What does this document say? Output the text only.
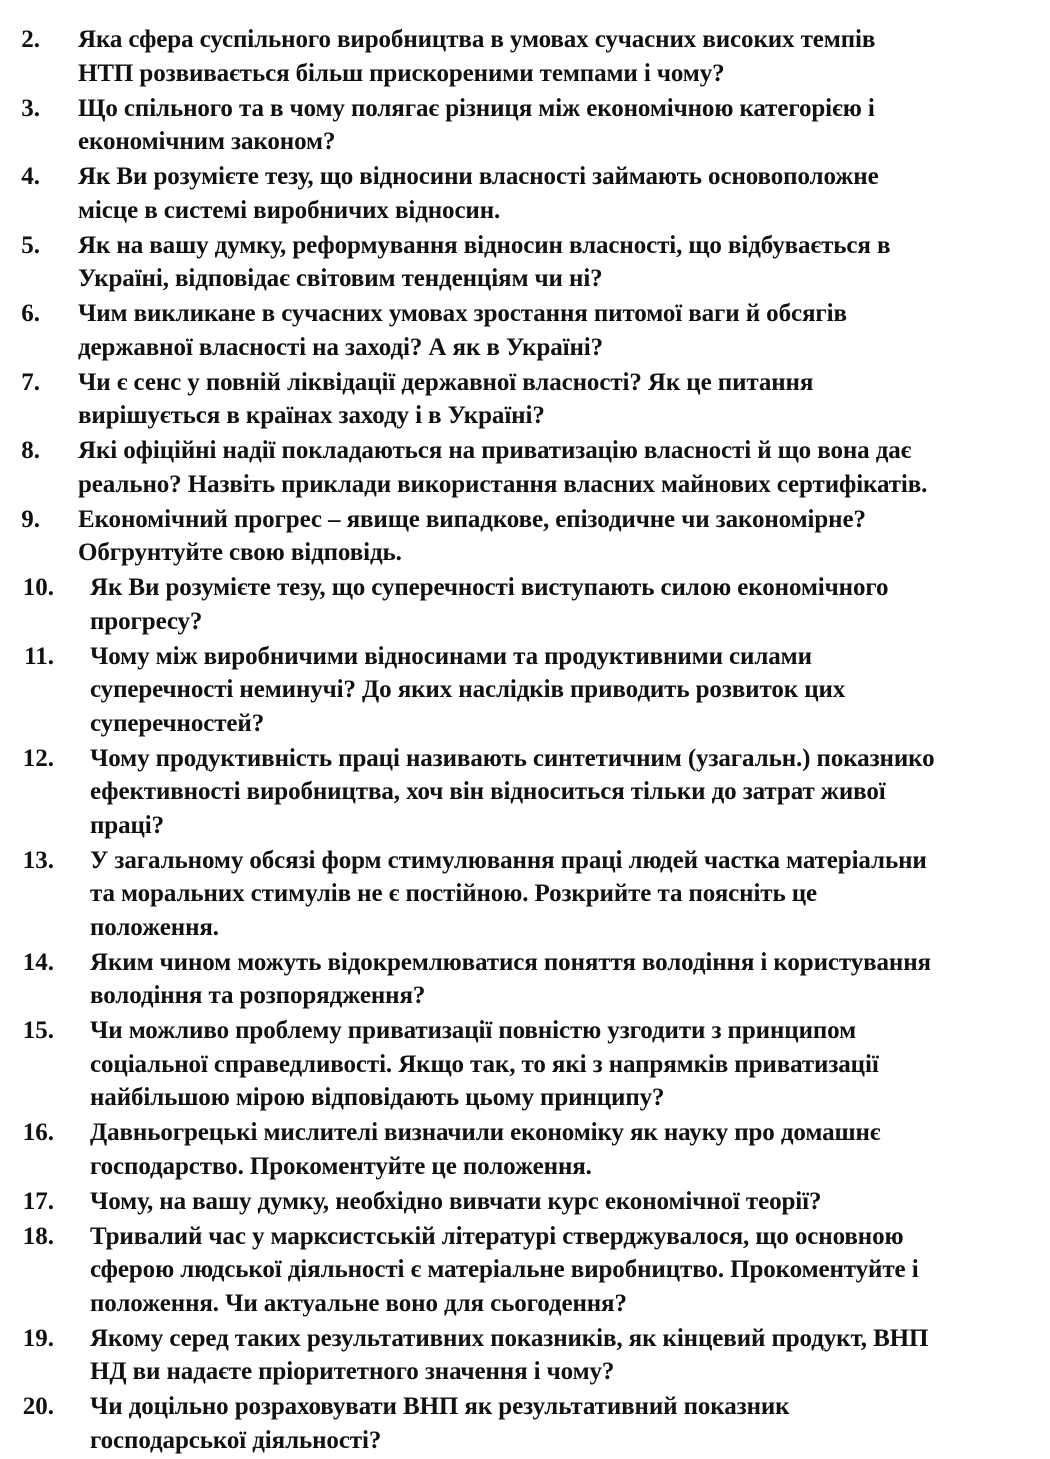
2. Яка сфера суспільного виробництва в умовах сучасних високих темпів
НТП розвивається більш прискореними темпами і чому?
3. Що спільного та в чому полягає різниця між економічною категорією і
економічним законом?
4. Як Ви розумієте тезу, що відносини власності займають основоположне
місце в системі виробничих відносин.
5. Як на вашу думку, реформування відносин власності, що відбувається в
Україні, відповідає світовим тенденціям чи ні?
6. Чим викликане в сучасних умовах зростання питомої ваги й обсягів
державної власності на заході? А як в Україні?
7. Чи є сенс у повній ліквідації державної власності? Як це питання
вирішується в країнах заходу і в Україні?
8. Які офіційні надії покладаються на приватизацію власності й що вона дає
реально? Назвіть приклади використання власних майнових сертифікатів.
9. Економічний прогрес – явище випадкове, епізодичне чи закономірне?
Обгрунтуйте свою відповідь.
10. Як Ви розумієте тезу, що суперечності виступають силою економічного
прогресу?
11. Чому між виробничими відносинами та продуктивними силами
суперечності неминучі? До яких наслідків приводить розвиток цих
суперечностей?
12. Чому продуктивність праці називають синтетичним (узагальн.) показнико
ефективності виробництва, хоч він відноситься тільки до затрат живої
праці?
13. У загальному обсязі форм стимулювання праці людей частка матеріальни
та моральних стимулів не є постійною. Розкрийте та поясніть це
положення.
14. Яким чином можуть відокремлюватися поняття володіння і користування
володіння та розпорядження?
15. Чи можливо проблему приватизації повністю узгодити з принципом
соціальної справедливості. Якщо так, то які з напрямків приватизації
найбільшою мірою відповідають цьому принципу?
16. Давньогрецькі мислителі визначили економіку як науку про домашнє
господарство. Прокоментуйте це положення.
17. Чому, на вашу думку, необхідно вивчати курс економічної теорії?
18. Тривалий час у марксистській літературі стверджувалося, що основною
сферою людської діяльності є матеріальне виробництво. Прокоментуйте і
положення. Чи актуальне воно для сьогодення?
19. Якому серед таких результативних показників, як кінцевий продукт, ВНП
НД ви надаєте пріоритетного значення і чому?
20. Чи доцільно розраховувати ВНП як результативний показник
господарської діяльності?
